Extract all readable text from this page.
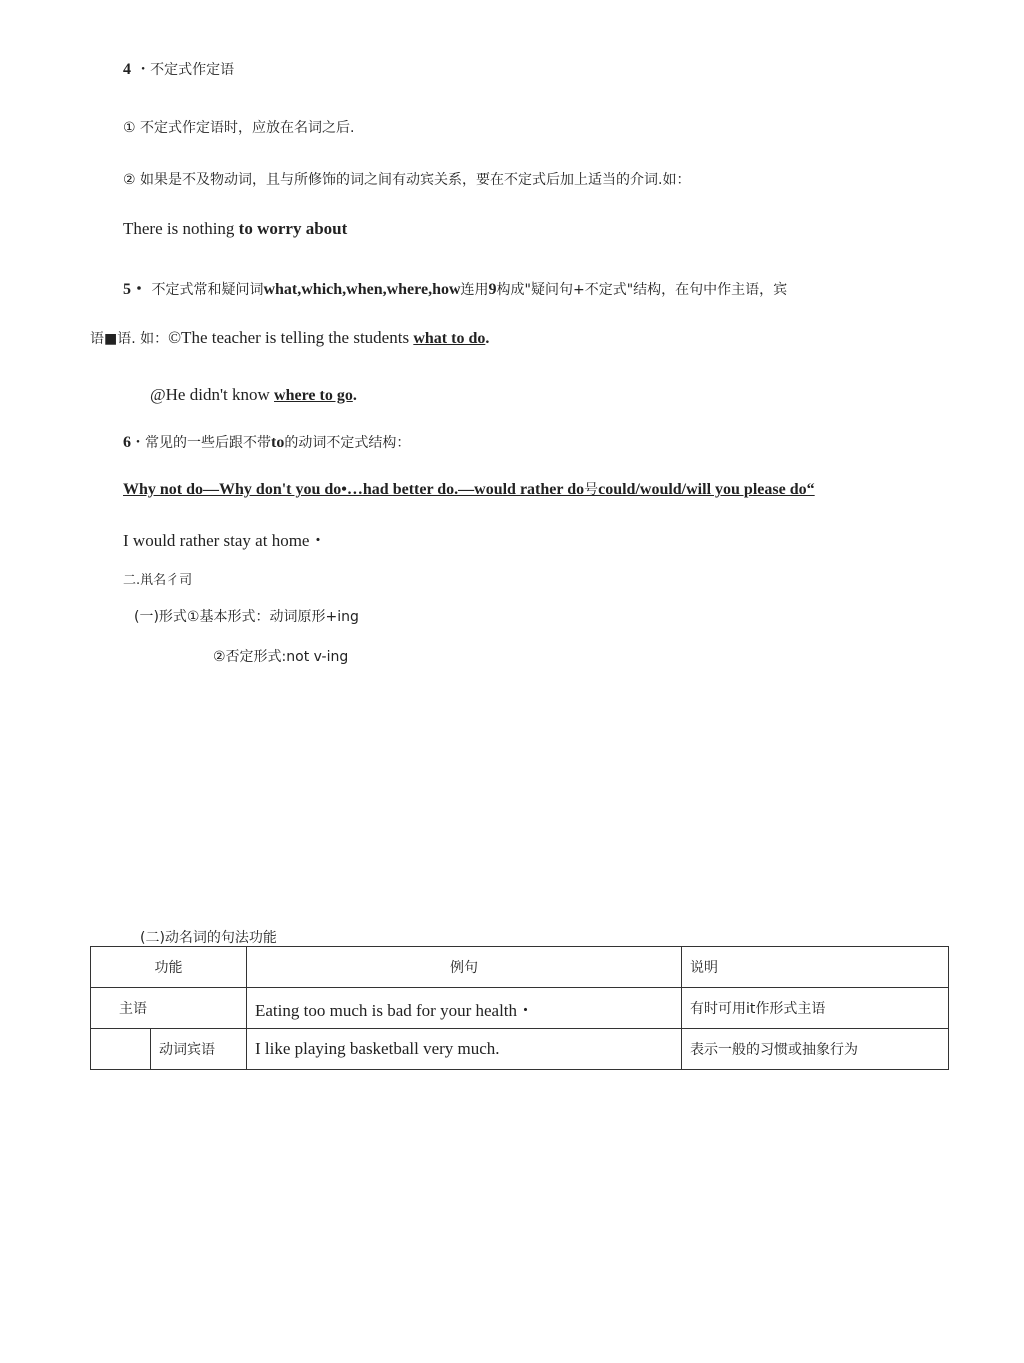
4 ・不定式作定语
① 不定式作定语时，应放在名词之后.
② 如果是不及物动词，且与所修饰的词之间有动宾关系，要在不定式后加上适当的介词.如：
There is nothing to worry about
5・ 不定式常和疑问词what,which,when,where,how连用9构成"疑问句+不定式"结构，在句中作主语，宾
语■语. 如：©The teacher is telling the students what to do.
@He didn't know where to go.
6・常见的一些后跟不带to的动词不定式结构：
Why not do—Why don't you do•…had better do.—would rather do号could/would/will you please do“
I would rather stay at home・
二.鼡名彳司
(一)形式①基本形式：动词原形+ing
②否定形式:not v-ing
(二)动名词的句法功能
功能		例句	说明
主语		Eating too much is bad for your health・	有时可用it作形式主语
	动词宾语	I like playing basketball very much.	表示一般的习惯或抽象行为
